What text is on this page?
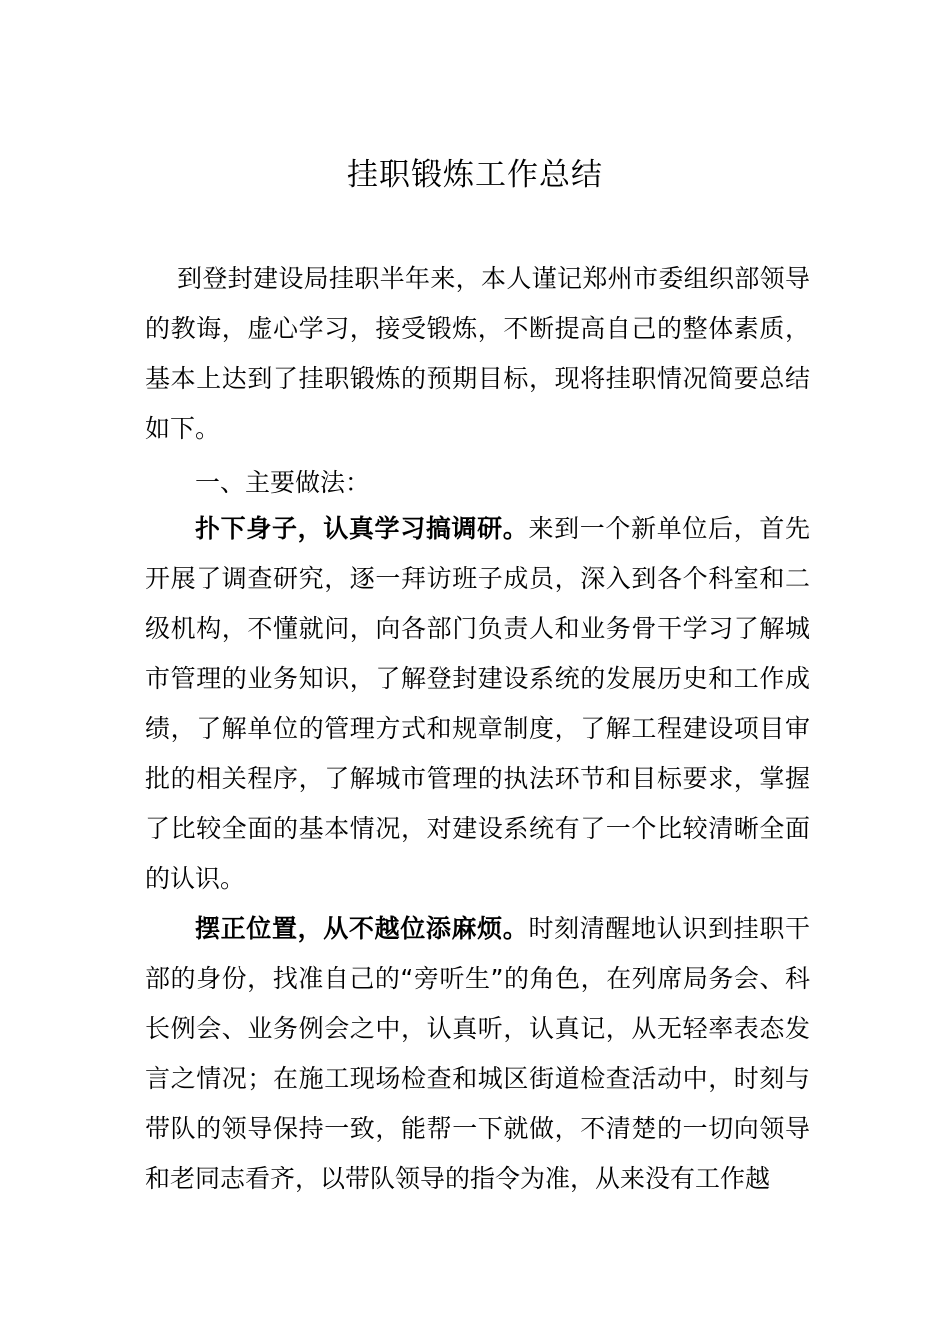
挂职锻炼工作总结

到登封建设局挂职半年来，本人谨记郑州市委组织部领导的教诲，虚心学习，接受锻炼，不断提高自己的整体素质，基本上达到了挂职锻炼的预期目标，现将挂职情况简要总结如下。

一、主要做法：

扑下身子，认真学习搞调研。来到一个新单位后，首先开展了调查研究，逐一拜访班子成员，深入到各个科室和二级机构，不懂就问，向各部门负责人和业务骨干学习了解城市管理的业务知识，了解登封建设系统的发展历史和工作成绩，了解单位的管理方式和规章制度，了解工程建设项目审批的相关程序，了解城市管理的执法环节和目标要求，掌握了比较全面的基本情况，对建设系统有了一个比较清晰全面的认识。

摆正位置，从不越位添麻烦。时刻清醒地认识到挂职干部的身份，找准自己的“旁听生”的角色，在列席局务会、科长例会、业务例会之中，认真听，认真记，从无轻率表态发言之情况；在施工现场检查和城区街道检查活动中，时刻与带队的领导保持一致，能帮一下就做，不清楚的一切向领导和老同志看齐，以带队领导的指令为准，从来没有工作越
